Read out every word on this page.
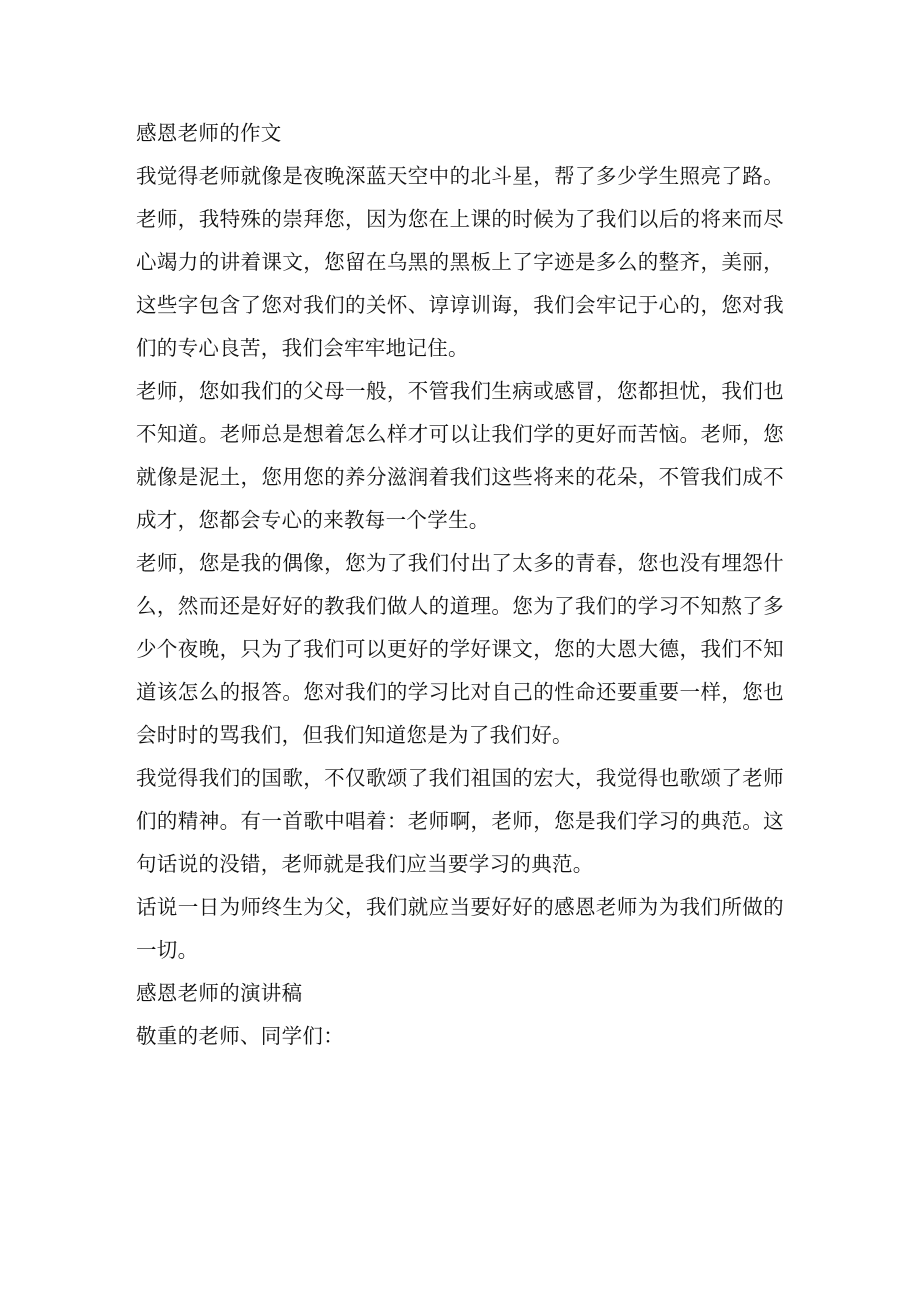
感恩老师的作文

我觉得老师就像是夜晚深蓝天空中的北斗星，帮了多少学生照亮了路。老师，我特殊的崇拜您，因为您在上课的时候为了我们以后的将来而尽心竭力的讲着课文，您留在乌黑的黑板上了字迹是多么的整齐，美丽，这些字包含了您对我们的关怀、谆谆训诲，我们会牢记于心的，您对我们的专心良苦，我们会牢牢地记住。

老师，您如我们的父母一般，不管我们生病或感冒，您都担忧，我们也不知道。老师总是想着怎么样才可以让我们学的更好而苦恼。老师，您就像是泥土，您用您的养分滋润着我们这些将来的花朵，不管我们成不成才，您都会专心的来教每一个学生。

老师，您是我的偶像，您为了我们付出了太多的青春，您也没有埋怨什么，然而还是好好的教我们做人的道理。您为了我们的学习不知熬了多少个夜晚，只为了我们可以更好的学好课文，您的大恩大德，我们不知道该怎么的报答。您对我们的学习比对自己的性命还要重要一样，您也会时时的骂我们，但我们知道您是为了我们好。

我觉得我们的国歌，不仅歌颂了我们祖国的宏大，我觉得也歌颂了老师们的精神。有一首歌中唱着：老师啊，老师，您是我们学习的典范。这句话说的没错，老师就是我们应当要学习的典范。

话说一日为师终生为父，我们就应当要好好的感恩老师为为我们所做的一切。

感恩老师的演讲稿

敬重的老师、同学们：
